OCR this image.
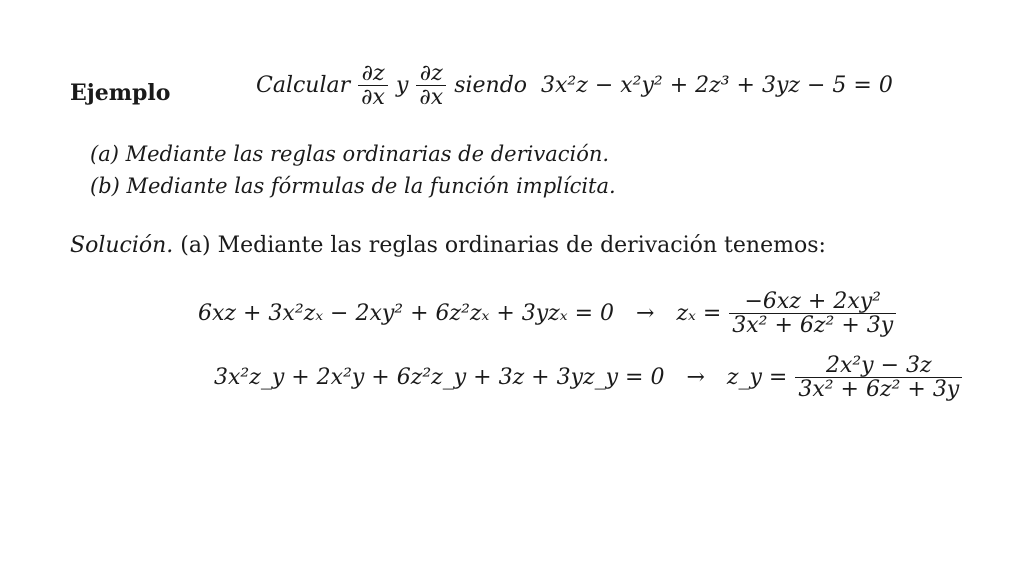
Ejemplo	Calcular $\frac{\partial z}{\partial x}$ y $\frac{\partial z}{\partial x}$ siendo 3x²z − x²y² + 2z³ + 3yz − 5 = 0
(a) Mediante las reglas ordinarias de derivación.
(b) Mediante las fórmulas de la función implícita.
Solución. (a) Mediante las reglas ordinarias de derivación tenemos:
$6xz + 3x^2z_x - 2xy^2 + 6z^2z_x + 3yz_x = 0 \to z_x = \frac{\text{−6xz + 2xy²}}{\text{3x² + 6z² + 3y}}$
3x²z_y + 2x²y + 6z²z_y + 3z + 3yz_y = 0 → z_y = $\frac{\text{2x²y − 3z}}{\text{3x² + 6z² + 3y}}$
